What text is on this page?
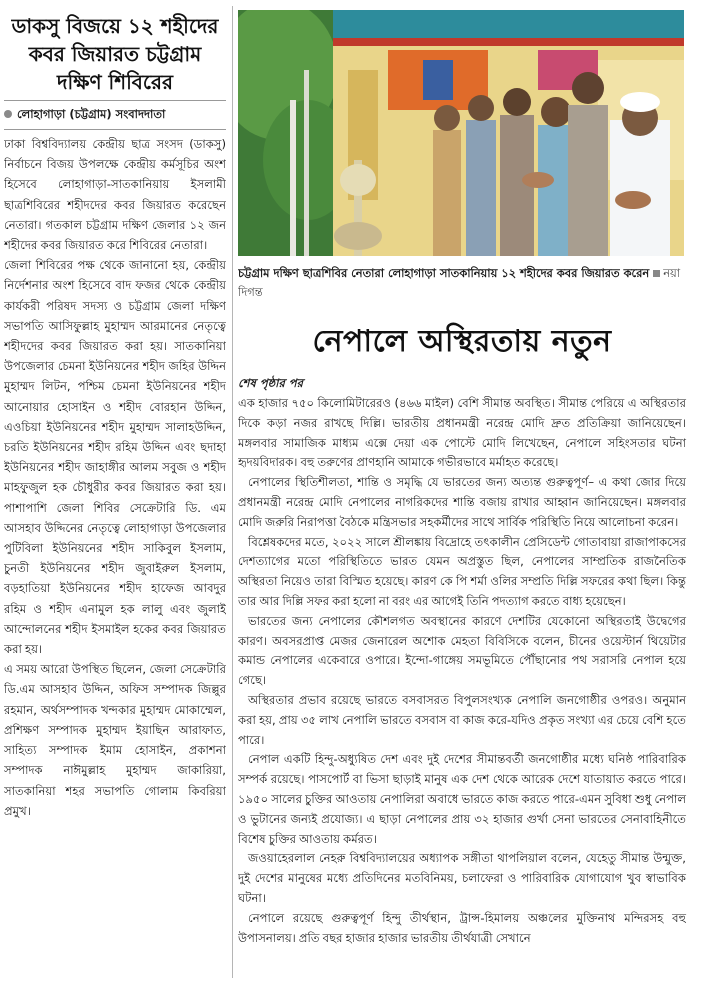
ডাকসু বিজয়ে ১২ শহীদের
কবর জিয়ারত চট্টগ্রাম
দক্ষিণ শিবিরের
লোহাগাড়া (চট্টগ্রাম) সংবাদদাতা

ঢাকা বিশ্ববিদ্যালয় কেন্দ্রীয় ছাত্র সংসদ (ডাকসু) নির্বাচনে বিজয় উপলক্ষে কেন্দ্রীয় কর্মসূচির অংশ হিসেবে লোহাগাড়া-সাতকানিয়ায় ইসলামী ছাত্রশিবিরের শহীদদের কবর জিয়ারত করেছেন নেতারা। গতকাল চট্টগ্রাম দক্ষিণ জেলার ১২ জন শহীদের কবর জিয়ারত করে শিবিরের নেতারা।

জেলা শিবিরের পক্ষ থেকে জানানো হয়, কেন্দ্রীয় নির্দেশনার অংশ হিসেবে বাদ ফজর থেকে কেন্দ্রীয় কার্যকরী পরিষদ সদস্য ও চট্টগ্রাম জেলা দক্ষিণ সভাপতি আসিফুল্লাহ মুহাম্মদ আরমানের নেতৃত্বে শহীদদের কবর জিয়ারত করা হয়। সাতকানিয়া উপজেলার চেমনা ইউনিয়নের শহীদ জহির উদ্দিন মুহাম্মদ লিটন, পশ্চিম চেমনা ইউনিয়নের শহীদ আনোয়ার হোসাইন ও শহীদ বোরহান উদ্দিন, এওচিয়া ইউনিয়নের শহীদ মুহাম্মদ সালাহউদ্দিন, চরতি ইউনিয়নের শহীদ রহিম উদ্দিন এবং ছদাহা ইউনিয়নের শহীদ জাহাঙ্গীর আলম সবুজ ও শহীদ মাহফুজুল হক চৌধুরীর কবর জিয়ারত করা হয়। পাশাপাশি জেলা শিবির সেক্রেটারি ডি. এম আসহাব উদ্দিনের নেতৃত্বে লোহাগাড়া উপজেলার পুটিবিলা ইউনিয়নের শহীদ সাকিবুল ইসলাম, চুনতী ইউনিয়নের শহীদ জুবাইরুল ইসলাম, বড়হাতিয়া ইউনিয়নের শহীদ হাফেজ আবদুর রহিম ও শহীদ এনামুল হক লালু এবং জুলাই আন্দোলনের শহীদ ইসমাইল হকের কবর জিয়ারত করা হয়।

এ সময় আরো উপস্থিত ছিলেন, জেলা সেক্রেটারি ডি.এম আসহাব উদ্দিন, অফিস সম্পাদক জিল্লুর রহমান, অর্থসম্পাদক খন্দকার মুহাম্মদ মোকাম্মেল, প্রশিক্ষণ সম্পাদক মুহাম্মদ ইয়াছিন আরাফাত, সাহিত্য সম্পাদক ইমাম হোসাইন, প্রকাশনা সম্পাদক নাঈমুল্লাহ মুহাম্মদ জাকারিয়া, সাতকানিয়া শহর সভাপতি গোলাম কিবরিয়া প্রমুখ।

চট্টগ্রাম দক্ষিণ ছাত্রশিবির নেতারা লোহাগাড়া সাতকানিয়ায় ১২ শহীদের কবর জিয়ারত করেন নয়া দিগন্ত
নেপালে অস্থিরতায় নতুন
শেষ পৃষ্ঠার পর

এক হাজার ৭৫০ কিলোমিটারেরও (৪৬৬ মাইল) বেশি সীমান্ত অবস্থিত। সীমান্ত পেরিয়ে এ অস্থিরতার দিকে কড়া নজর রাখছে দিল্লি। ভারতীয় প্রধানমন্ত্রী নরেন্দ্র মোদি দ্রুত প্রতিক্রিয়া জানিয়েছেন। মঙ্গলবার সামাজিক মাধ্যম এক্সে দেয়া এক পোস্টে মোদি লিখেছেন, নেপালে সহিংসতার ঘটনা হৃদয়বিদারক। বহু তরুণের প্রাণহানি আমাকে গভীরভাবে মর্মাহত করেছে।

নেপালের স্থিতিশীলতা, শান্তি ও সমৃদ্ধি যে ভারতের জন্য অত্যন্ত গুরুত্বপূর্ণ– এ কথা জোর দিয়ে প্রধানমন্ত্রী নরেন্দ্র মোদি নেপালের নাগরিকদের শান্তি বজায় রাখার আহ্বান জানিয়েছেন। মঙ্গলবার মোদি জরুরি নিরাপত্তা বৈঠকে মন্ত্রিসভার সহকর্মীদের সাথে সার্বিক পরিস্থিতি নিয়ে আলোচনা করেন।

বিশ্লেষকদের মতে, ২০২২ সালে শ্রীলঙ্কায় বিদ্রোহে তৎকালীন প্রেসিডেন্ট গোতাবায়া রাজাপাকসের দেশত্যাগের মতো পরিস্থিতিতে ভারত যেমন অপ্রস্তুত ছিল, নেপালের সাম্প্রতিক রাজনৈতিক অস্থিরতা নিয়েও তারা বিস্মিত হয়েছে। কারণ কে পি শর্মা ওলির সম্প্রতি দিল্লি সফরের কথা ছিল। কিন্তু তার আর দিল্লি সফর করা হলো না বরং এর আগেই তিনি পদত্যাগ করতে বাধ্য হয়েছেন।

ভারতের জন্য নেপালের কৌশলগত অবস্থানের কারণে দেশটির যেকোনো অস্থিরতাই উদ্বেগের কারণ। অবসরপ্রাপ্ত মেজর জেনারেল অশোক মেহতা বিবিসিকে বলেন, চীনের ওয়েস্টার্ন থিয়েটার কমান্ড নেপালের একেবারে ওপারে। ইন্দো-গাঙ্গেয় সমভূমিতে পৌঁছানোর পথ সরাসরি নেপাল হয়ে গেছে।

অস্থিরতার প্রভাব রয়েছে ভারতে বসবাসরত বিপুলসংখ্যক নেপালি জনগোষ্ঠীর ওপরও। অনুমান করা হয়, প্রায় ৩৫ লাখ নেপালি ভারতে বসবাস বা কাজ করে-যদিও প্রকৃত সংখ্যা এর চেয়ে বেশি হতে পারে।

নেপাল একটি হিন্দু-অধ্যুষিত দেশ এবং দুই দেশের সীমান্তবর্তী জনগোষ্ঠীর মধ্যে ঘনিষ্ঠ পারিবারিক সম্পর্ক রয়েছে। পাসপোর্ট বা ভিসা ছাড়াই মানুষ এক দেশ থেকে আরেক দেশে যাতায়াত করতে পারে। ১৯৫০ সালের চুক্তির আওতায় নেপালিরা অবাধে ভারতে কাজ করতে পারে-এমন সুবিধা শুধু নেপাল ও ভুটানের জন্যই প্রযোজ্য। এ ছাড়া নেপালের প্রায় ৩২ হাজার গুর্খা সেনা ভারতের সেনাবাহিনীতে বিশেষ চুক্তির আওতায় কর্মরত।

জওয়াহেরলাল নেহরু বিশ্ববিদ্যালয়ের অধ্যাপক সঙ্গীতা থাপলিয়াল বলেন, যেহেতু সীমান্ত উন্মুক্ত, দুই দেশের মানুষের মধ্যে প্রতিদিনের মতবিনিময়, চলাফেরা ও পারিবারিক যোগাযোগ খুব স্বাভাবিক ঘটনা।

নেপালে রয়েছে গুরুত্বপূর্ণ হিন্দু তীর্থস্থান, ট্রান্স-হিমালয় অঞ্চলের মুক্তিনাথ মন্দিরসহ বহু উপাসনালয়। প্রতি বছর হাজার হাজার ভারতীয় তীর্থযাত্রী সেখানে
